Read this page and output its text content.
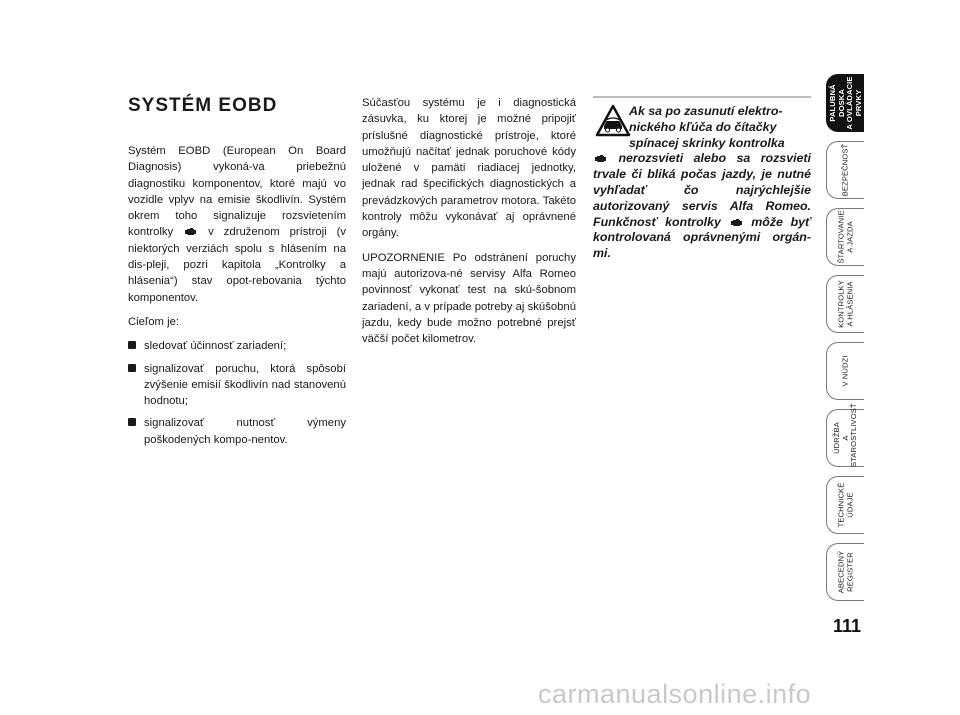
SYSTÉM EOBD

Systém EOBD (European On Board Diagnosis) vykoná-va priebežnú diagnostiku komponentov, ktoré majú vo vozidle vplyv na emisie škodlivín. Systém okrem toho signalizuje rozsvietením kontrolky	v združenom prístroji (v niektorých verziách spolu s hlásením na dis-pleji, pozri kapitola „Kontrolky a hlásenia“) stav opot-rebovania týchto komponentov.

Cieľom je:

sledovať účinnosť zariadení;
signalizovať poruchu, ktorá spôsobí zvýšenie emisií škodlivín nad stanovenú hodnotu;
signalizovať nutnosť výmeny poškodených kompo-nentov.

Súčasťou systému je i diagnostická zásuvka, ku ktorej je možné pripojiť príslušné diagnostické prístroje, ktoré umožňujú načítať jednak poruchové kódy uložené v pamäti riadiacej jednotky, jednak rad špecifických diagnostických a prevádzkových parametrov motora. Takéto kontroly môžu vykonávať aj oprávnené orgány.

UPOZORNENIE Po odstránení poruchy majú autorizova-né servisy Alfa Romeo povinnosť vykonať test na skú-šobnom zariadení, a v prípade potreby aj skúšobnú jazdu, kedy bude možno potrebné prejsť väčší počet kilometrov.

Ak sa po zasunutí elektro-
nického kľúča do čítačky
spínacej skrinky kontrolka
nerozsvieti alebo sa rozsvieti trvale či bliká počas jazdy, je nutné vyhľadať čo najrýchlejšie autorizovaný servis Alfa Romeo. Funkčnosť kontrolky môže byť kontrolovaná oprávnenými orgán-mi.
PALUBNÁ DOSKA
A OVLÁDACIE PRVKY
BEZPEČNOSŤ
ŠTARTOVANIE
A JAZDA
KONTROLKY
A HLÁSENIA
V NÚDZI
ÚDRŽBA
A STAROSTLIVOSŤ
TECHNICKÉ ÚDAJE
ABECEDNÝ
REGISTER
111
carmanualsonline.info
